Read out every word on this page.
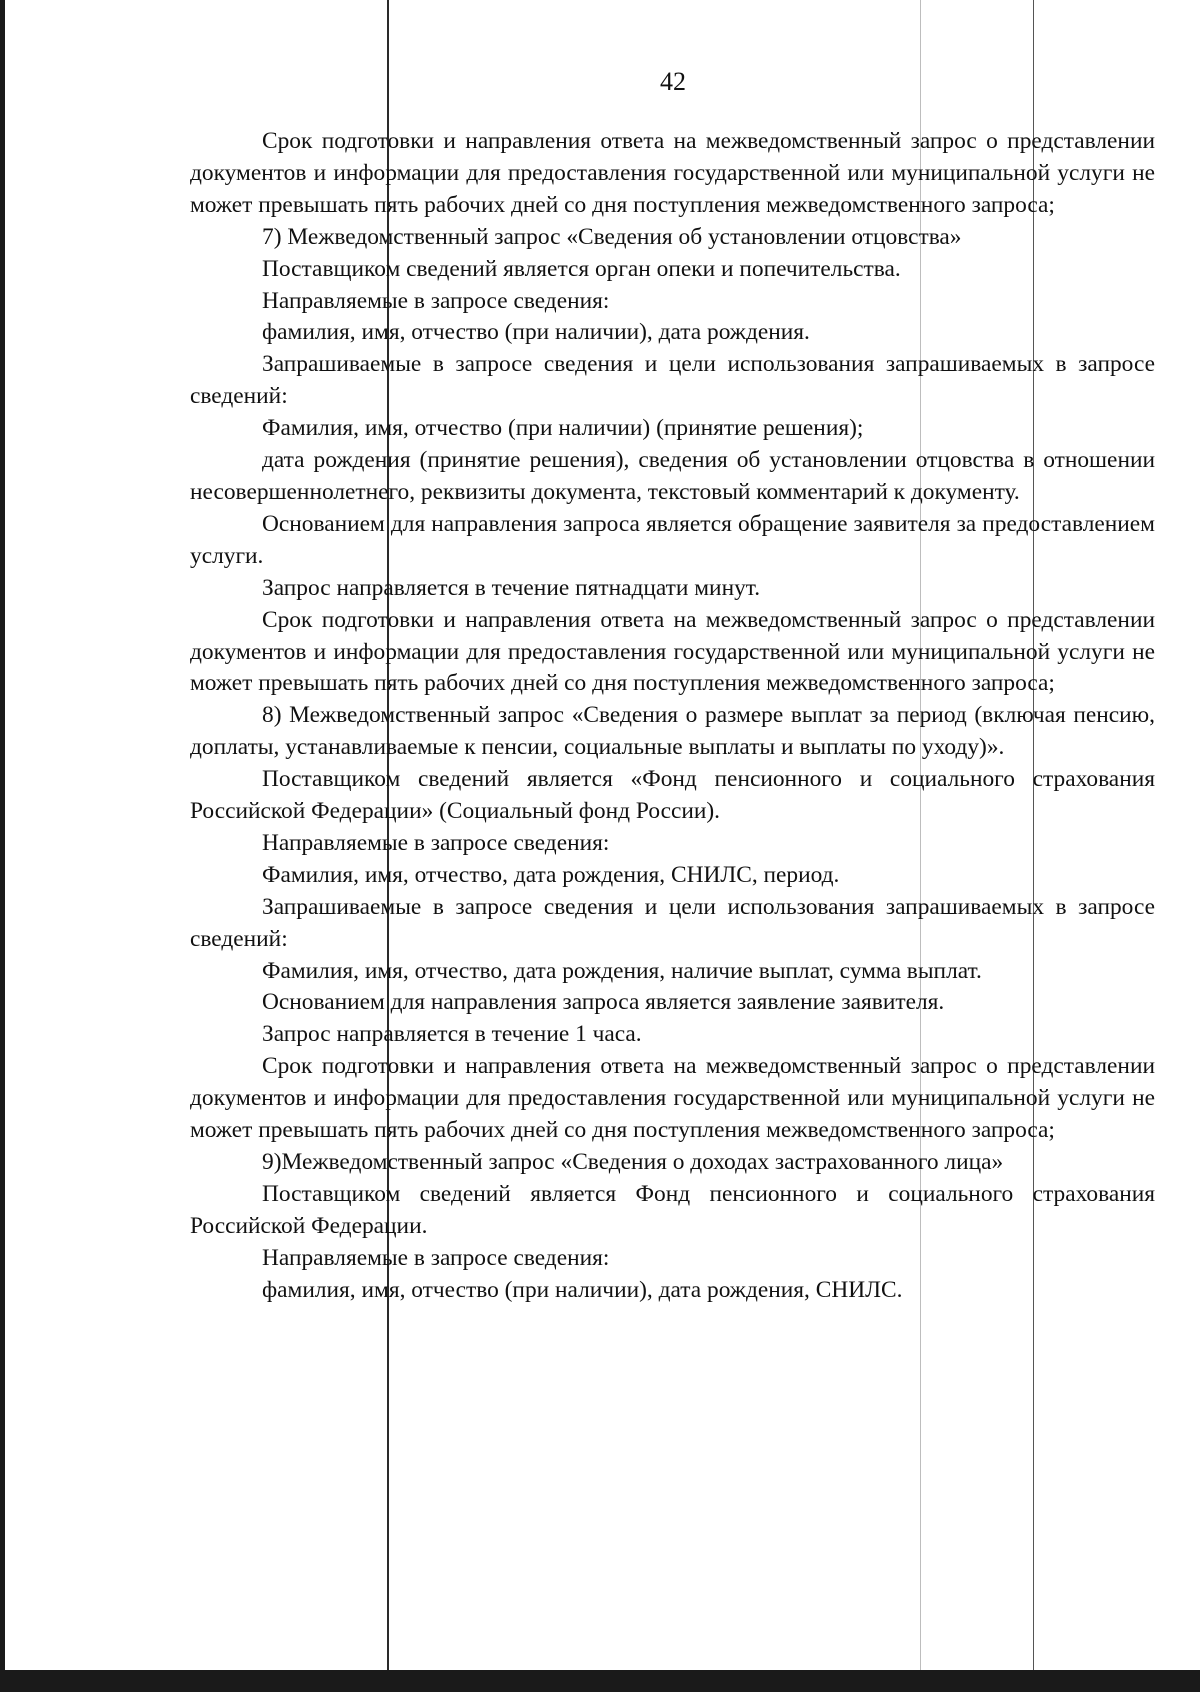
42

Срок подготовки и направления ответа на межведомственный запрос о представлении документов и информации для предоставления государственной или муниципальной услуги не может превышать пять рабочих дней со дня поступления межведомственного запроса;

7) Межведомственный запрос «Сведения об установлении отцовства»

Поставщиком сведений является орган опеки и попечительства.

Направляемые в запросе сведения:

фамилия, имя, отчество (при наличии), дата рождения.

Запрашиваемые в запросе сведения и цели использования запрашиваемых в запросе сведений:

Фамилия, имя, отчество (при наличии) (принятие решения);

дата рождения (принятие решения), сведения об установлении отцовства в отношении несовершеннолетнего, реквизиты документа, текстовый комментарий к документу.

Основанием для направления запроса является обращение заявителя за предоставлением услуги.

Запрос направляется в течение пятнадцати минут.

Срок подготовки и направления ответа на межведомственный запрос о представлении документов и информации для предоставления государственной или муниципальной услуги не может превышать пять рабочих дней со дня поступления межведомственного запроса;

8) Межведомственный запрос «Сведения о размере выплат за период (включая пенсию, доплаты, устанавливаемые к пенсии, социальные выплаты и выплаты по уходу)».

Поставщиком сведений является «Фонд пенсионного и социального страхования Российской Федерации» (Социальный фонд России).

Направляемые в запросе сведения:

Фамилия, имя, отчество, дата рождения, СНИЛС, период.

Запрашиваемые в запросе сведения и цели использования запрашиваемых в запросе сведений:

Фамилия, имя, отчество, дата рождения, наличие выплат, сумма выплат.

Основанием для направления запроса является заявление заявителя.

Запрос направляется в течение 1 часа.

Срок подготовки и направления ответа на межведомственный запрос о представлении документов и информации для предоставления государственной или муниципальной услуги не может превышать пять рабочих дней со дня поступления межведомственного запроса;

9)Межведомственный запрос «Сведения о доходах застрахованного лица»

Поставщиком сведений является Фонд пенсионного и социального страхования Российской Федерации.

Направляемые в запросе сведения:

фамилия, имя, отчество (при наличии), дата рождения, СНИЛС.
